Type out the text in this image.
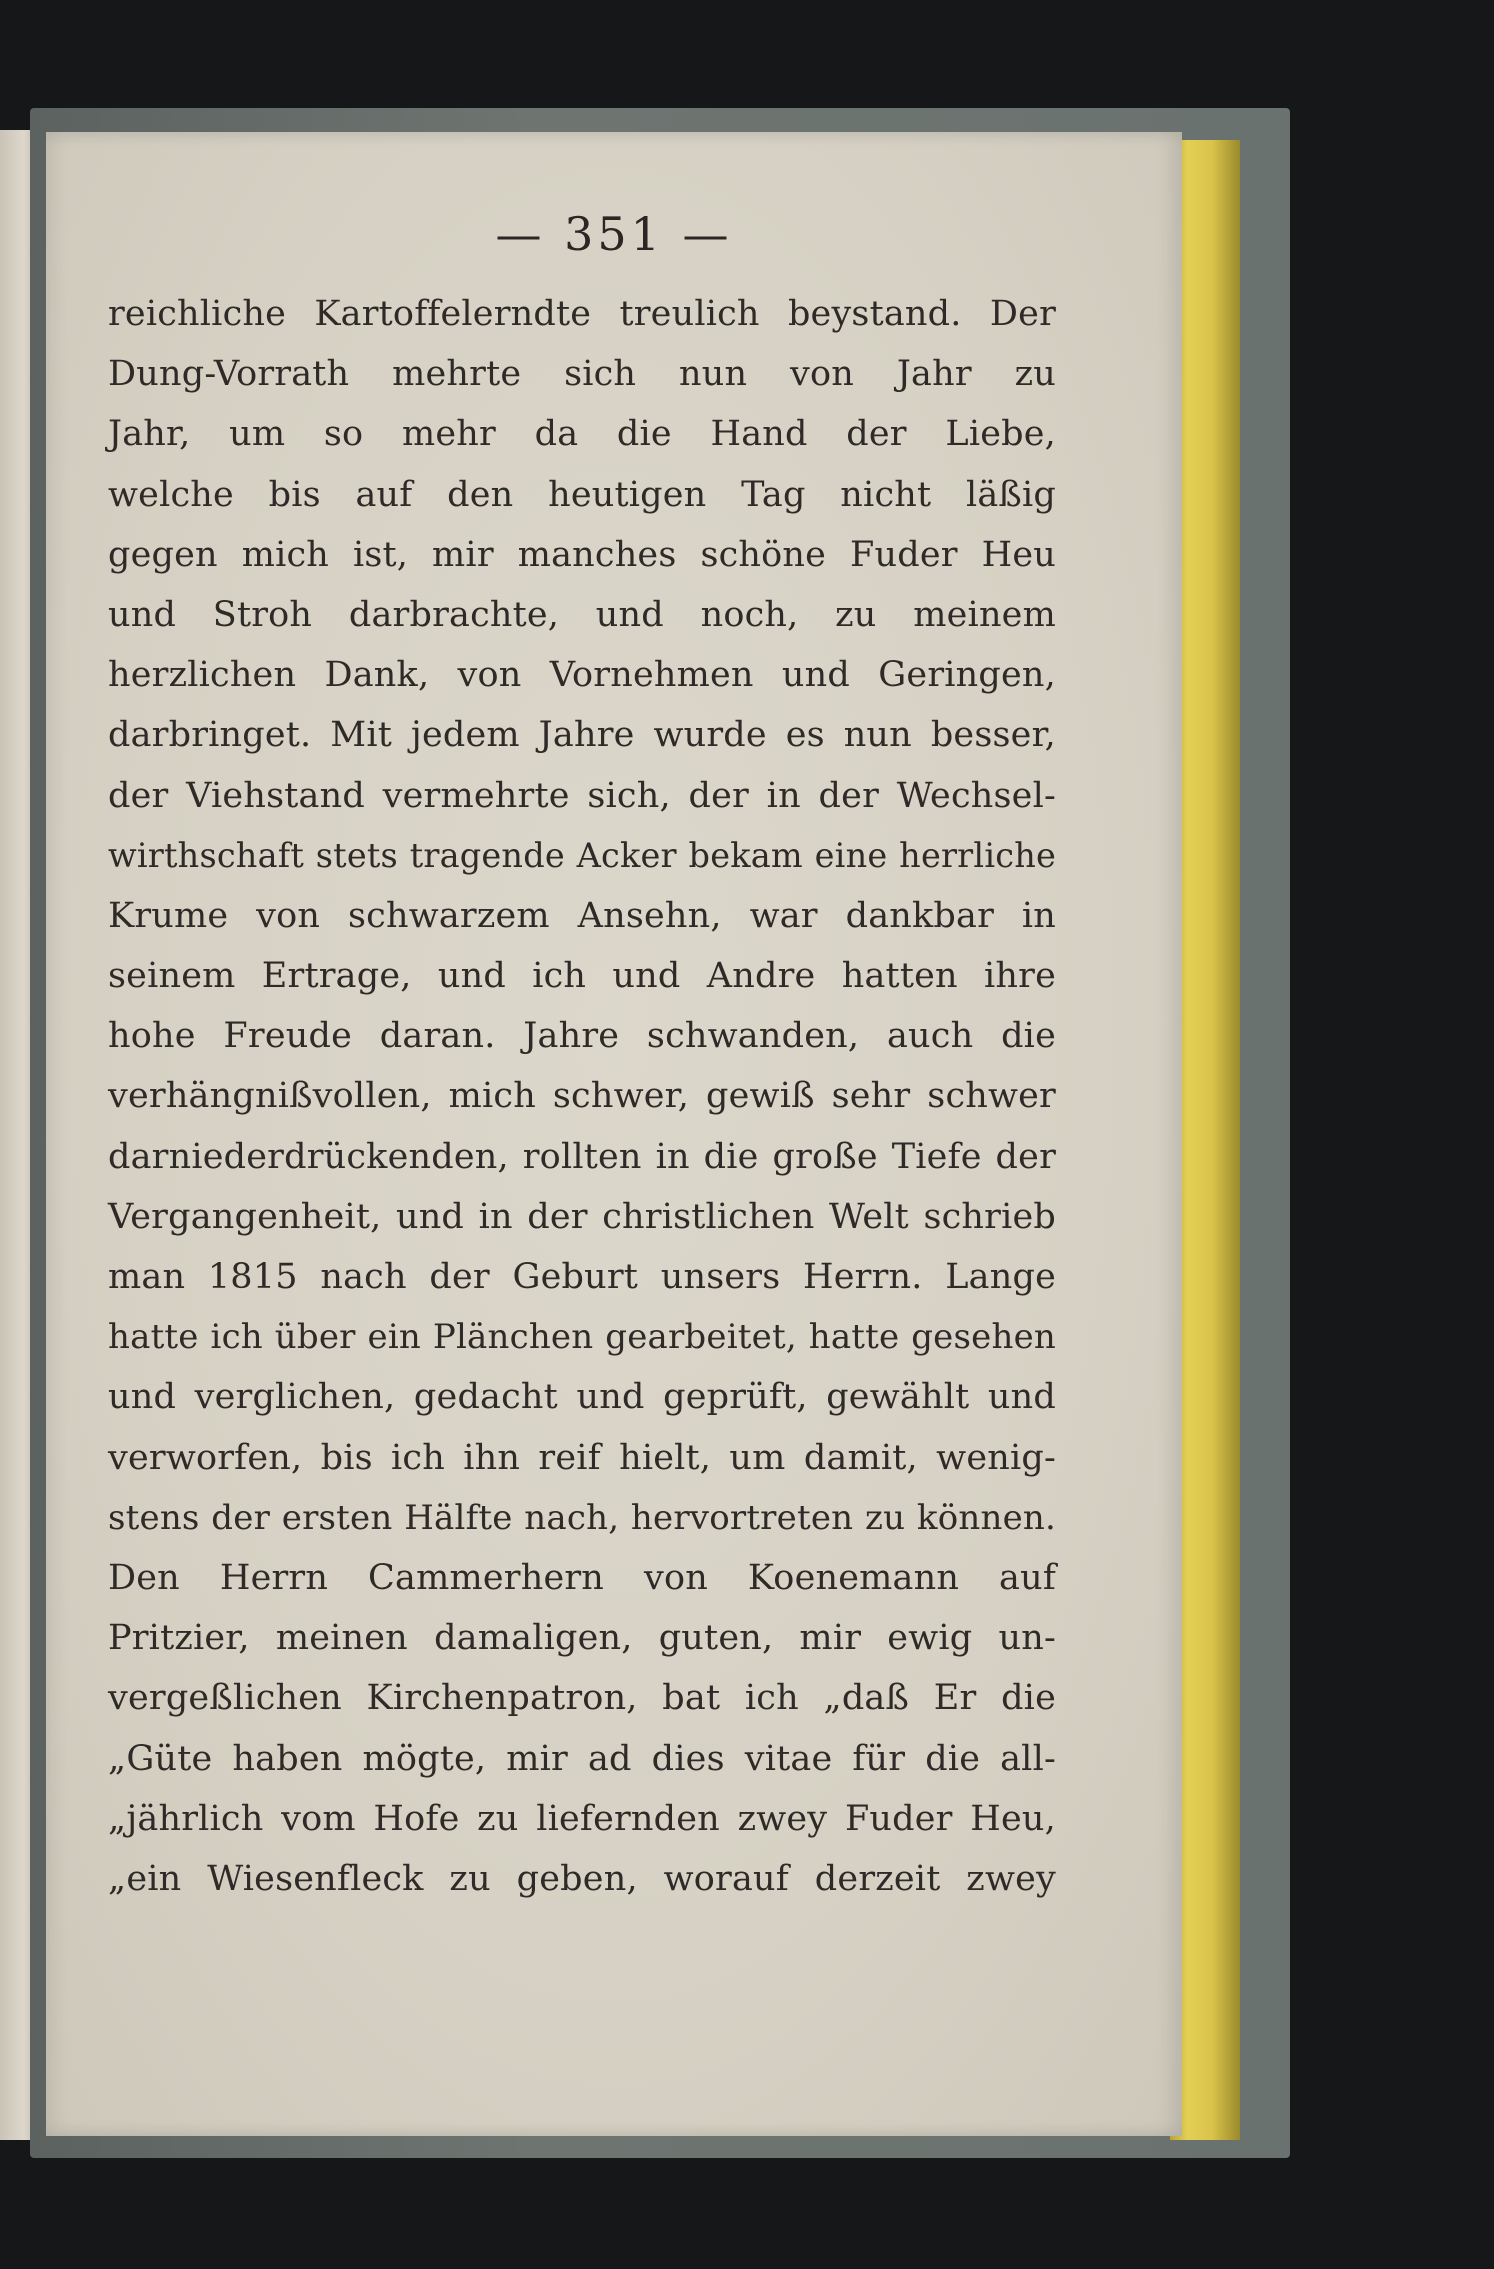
— 351 —
reichliche Kartoffelerndte treulich beystand. Der
Dung-Vorrath mehrte sich nun von Jahr zu
Jahr, um so mehr da die Hand der Liebe,
welche bis auf den heutigen Tag nicht läßig
gegen mich ist, mir manches schöne Fuder Heu
und Stroh darbrachte, und noch, zu meinem
herzlichen Dank, von Vornehmen und Geringen,
darbringet. Mit jedem Jahre wurde es nun besser,
der Viehstand vermehrte sich, der in der Wechsel-
wirthschaft stets tragende Acker bekam eine herrliche
Krume von schwarzem Ansehn, war dankbar in
seinem Ertrage, und ich und Andre hatten ihre
hohe Freude daran. Jahre schwanden, auch die
verhängnißvollen, mich schwer, gewiß sehr schwer
darniederdrückenden, rollten in die große Tiefe der
Vergangenheit, und in der christlichen Welt schrieb
man 1815 nach der Geburt unsers Herrn. Lange
hatte ich über ein Plänchen gearbeitet, hatte gesehen
und verglichen, gedacht und geprüft, gewählt und
verworfen, bis ich ihn reif hielt, um damit, wenig-
stens der ersten Hälfte nach, hervortreten zu können.
Den Herrn Cammerhern von Koenemann auf
Pritzier, meinen damaligen, guten, mir ewig un-
vergeßlichen Kirchenpatron, bat ich „daß Er die
„Güte haben mögte, mir ad dies vitae für die all-
„jährlich vom Hofe zu liefernden zwey Fuder Heu,
„ein Wiesenfleck zu geben, worauf derzeit zwey
